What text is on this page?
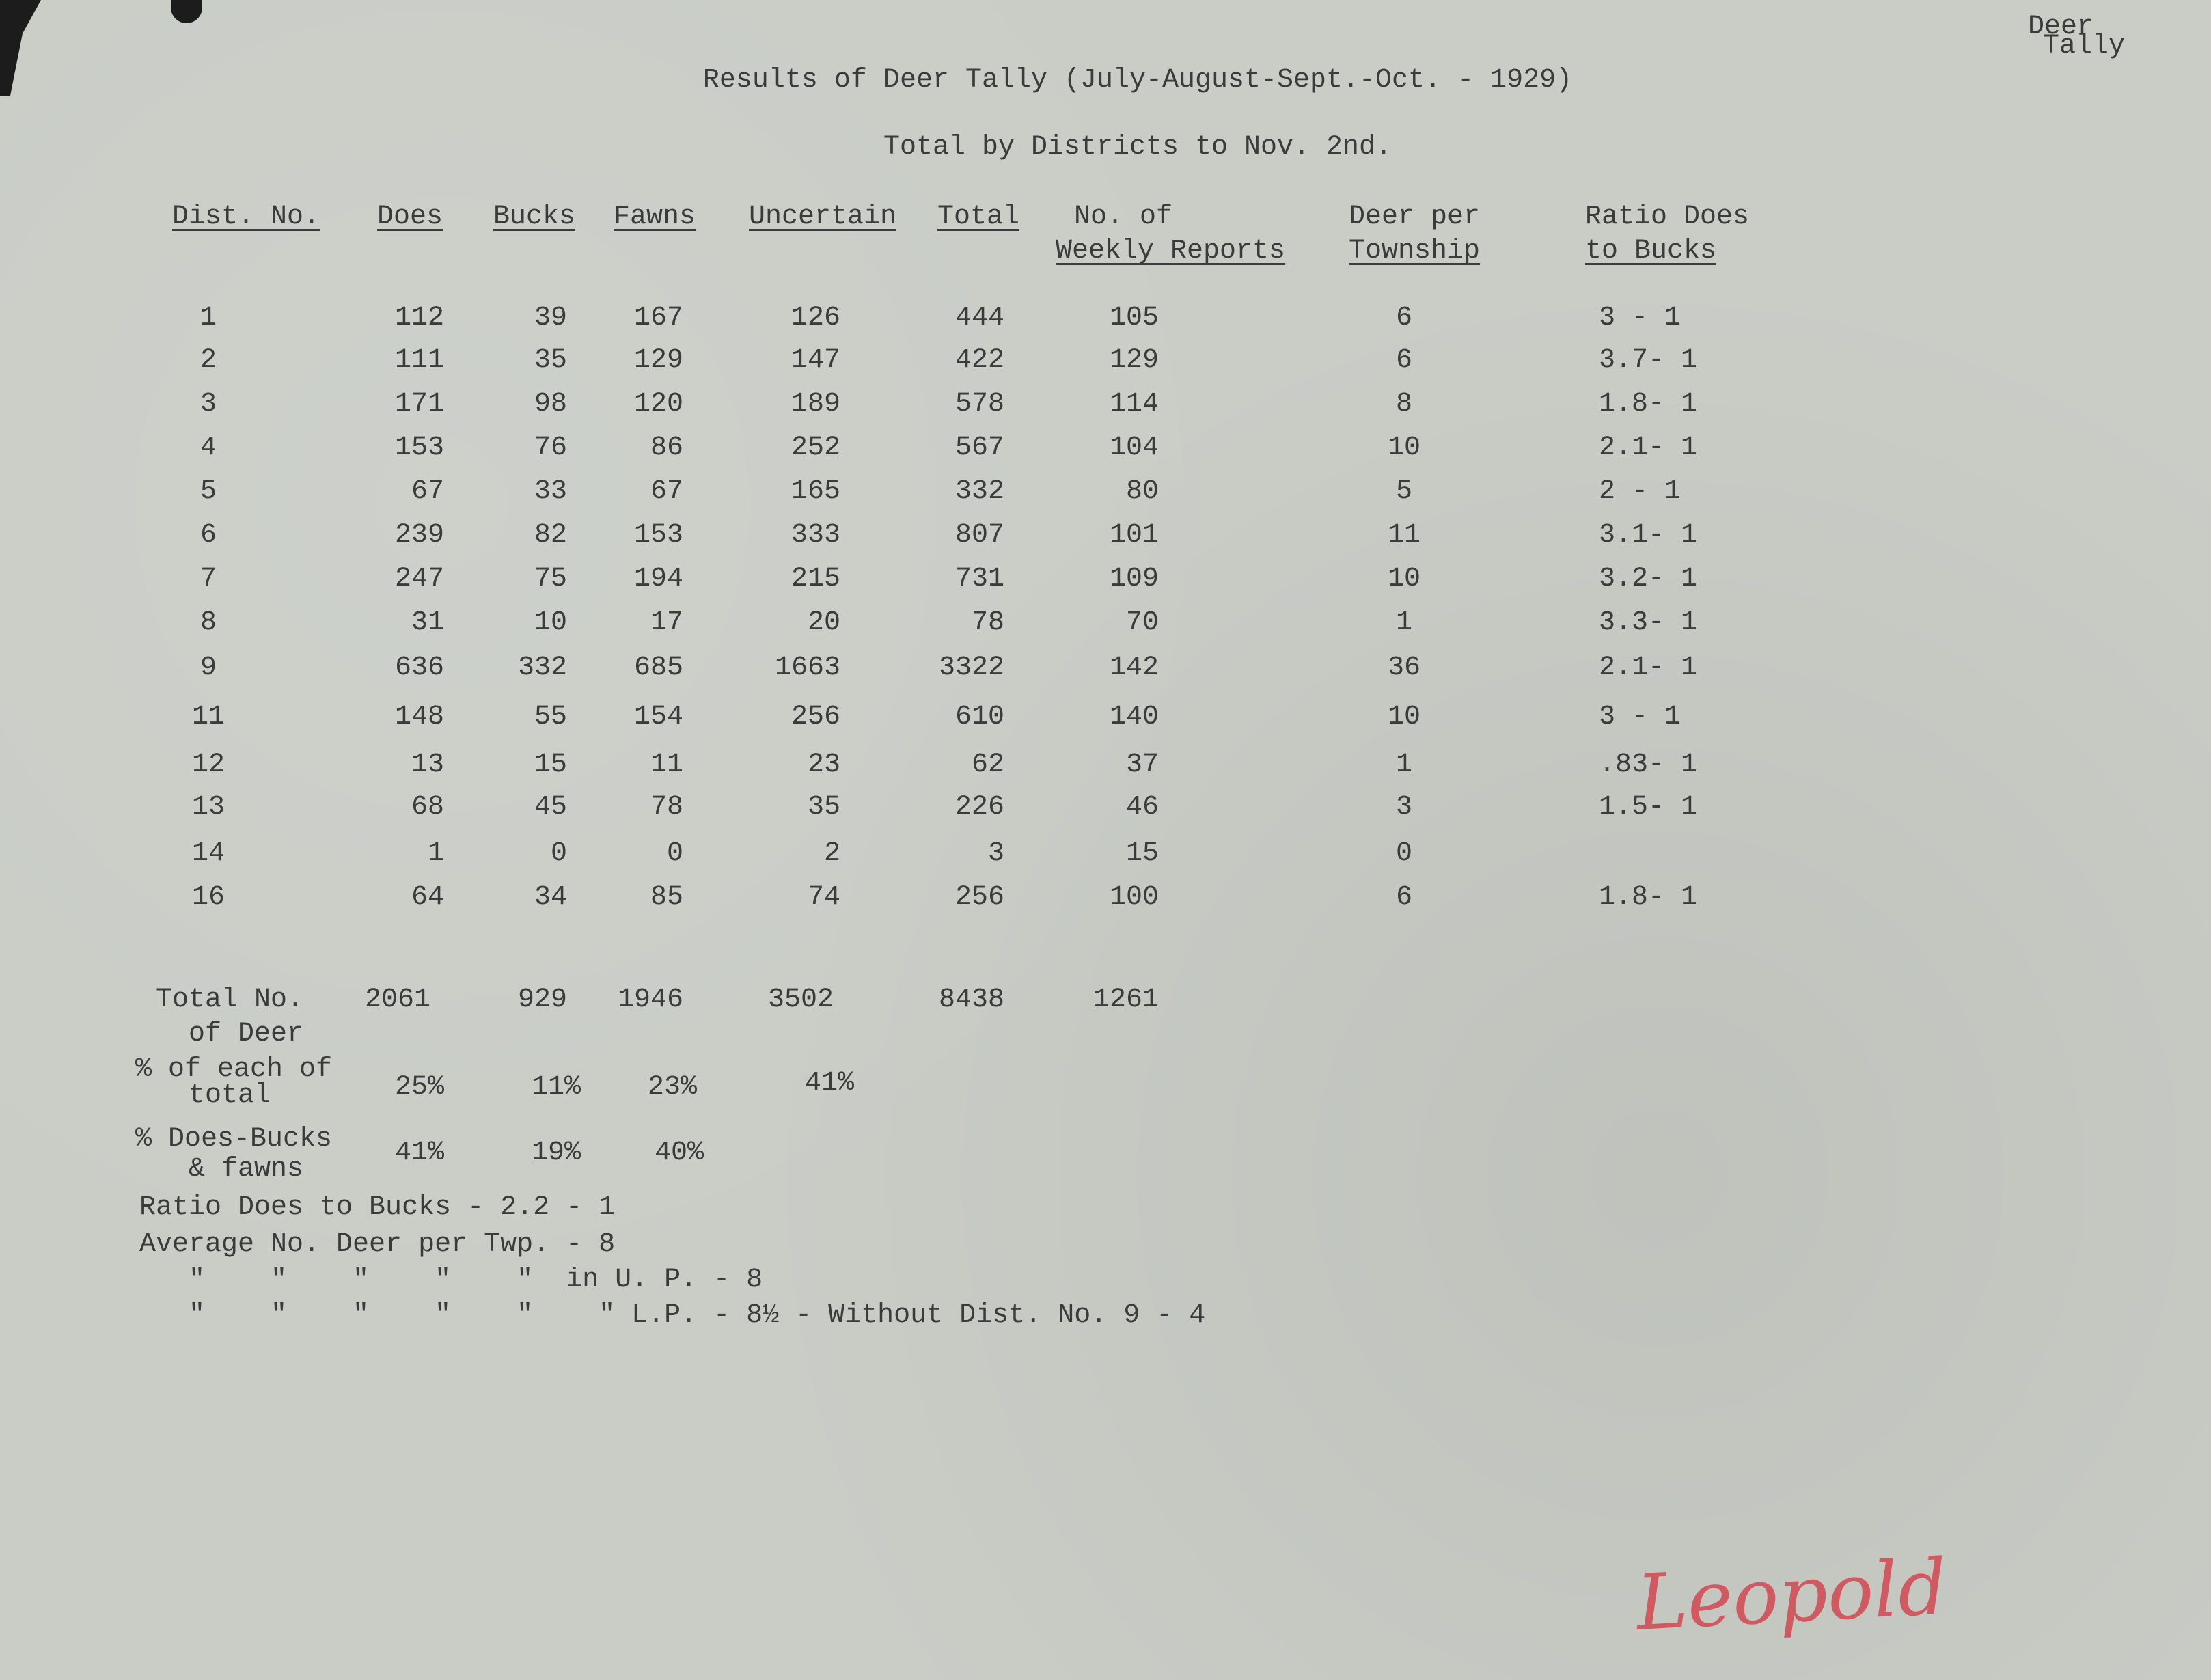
Deer
Tally
Results of Deer Tally (July-August-Sept.-Oct. - 1929)
Total by Districts to Nov. 2nd.
Dist. No. Does Bucks Fawns Uncertain Total No. of
Weekly Reports
Deer per
Township
Ratio Does
to Bucks
1	112	39	167	126	444	105	6	3 - 1
2	111	35	129	147	422	129	6	3.7- 1
3	171	98	120	189	578	114	8	1.8- 1
4	153	76	86	252	567	104	10	2.1- 1
5	67	33	67	165	332	80	5	2 - 1
6	239	82	153	333	807	101	11	3.1- 1
7	247	75	194	215	731	109	10	3.2- 1
8	31	10	17	20	78	70	1	3.3- 1
9	636	332	685	1663	3322	142	36	2.1- 1
11	148	55	154	256	610	140	10	3 - 1
12	13	15	11	23	62	37	1	.83- 1
13	68	45	78	35	226	46	3	1.5- 1
14	1	0	0	2	3	15	0
16	64	34	85	74	256	100	6	1.8- 1
Total No.
of Deer
2061	929	1946	3502	8438	1261
% of each of
total	25%	11%	23%	41%
% Does-Bucks
& fawns
41%	19%	40%
Ratio Does to Bucks - 2.2 - 1
Average No. Deer per Twp. - 8
"    "    "    "    "  in U. P. - 8
"    "    "    "    "    " L.P. - 8½ - Without Dist. No. 9 - 4
Leopold
